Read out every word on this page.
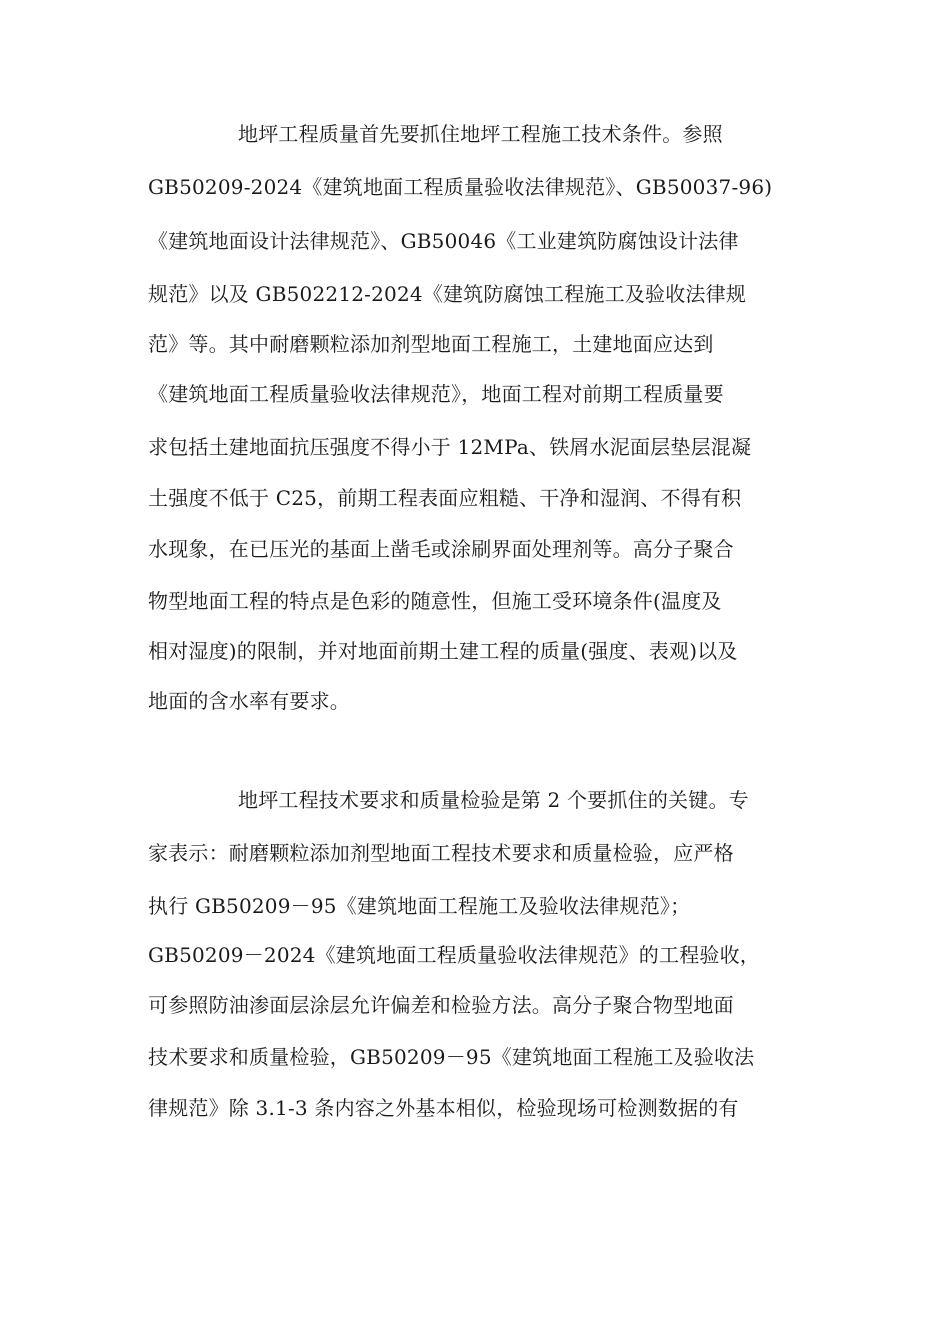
地坪工程质量首先要抓住地坪工程施工技术条件。参照
GB50209-2024《建筑地面工程质量验收法律规范》、GB50037-96)
《建筑地面设计法律规范》、GB50046《工业建筑防腐蚀设计法律
规范》以及 GB502212-2024《建筑防腐蚀工程施工及验收法律规
范》等。其中耐磨颗粒添加剂型地面工程施工，土建地面应达到
《建筑地面工程质量验收法律规范》，地面工程对前期工程质量要
求包括土建地面抗压强度不得小于 12MPa、铁屑水泥面层垫层混凝
土强度不低于 C25，前期工程表面应粗糙、干净和湿润、不得有积
水现象，在已压光的基面上凿毛或涂刷界面处理剂等。高分子聚合
物型地面工程的特点是色彩的随意性，但施工受环境条件(温度及
相对湿度)的限制，并对地面前期土建工程的质量(强度、表观)以及
地面的含水率有要求。
地坪工程技术要求和质量检验是第 2 个要抓住的关键。专
家表示：耐磨颗粒添加剂型地面工程技术要求和质量检验，应严格
执行 GB50209－95《建筑地面工程施工及验收法律规范》；
GB50209－2024《建筑地面工程质量验收法律规范》的工程验收，
可参照防油渗面层涂层允许偏差和检验方法。高分子聚合物型地面
技术要求和质量检验，GB50209－95《建筑地面工程施工及验收法
律规范》除 3.1-3 条内容之外基本相似，检验现场可检测数据的有
